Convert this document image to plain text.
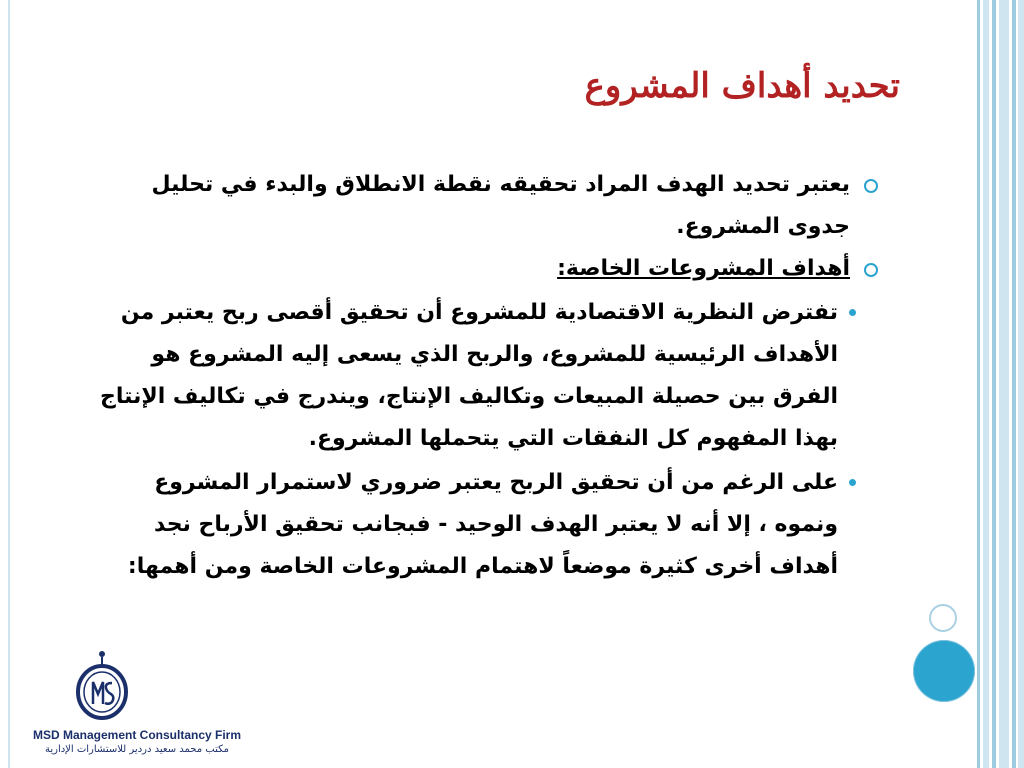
تحديد أهداف المشروع

يعتبر تحديد الهدف المراد تحقيقه نقطة الانطلاق والبدء في تحليل جدوى المشروع.

أهداف المشروعات الخاصة:

تفترض النظرية الاقتصادية للمشروع أن تحقيق أقصى ربح يعتبر من الأهداف الرئيسية للمشروع، والربح الذي يسعى إليه المشروع هو الفرق بين حصيلة المبيعات وتكاليف الإنتاج، ويندرج في تكاليف الإنتاج بهذا المفهوم كل النفقات التي يتحملها المشروع.

على الرغم من أن تحقيق الربح يعتبر ضروري لاستمرار المشروع ونموه ، إلا أنه لا يعتبر الهدف الوحيد - فبجانب تحقيق الأرباح نجد أهداف أخرى كثيرة موضعاً لاهتمام المشروعات الخاصة ومن أهمها:

MSD Management Consultancy Firm
مكتب محمد سعيد دردير للاستشارات الإدارية
